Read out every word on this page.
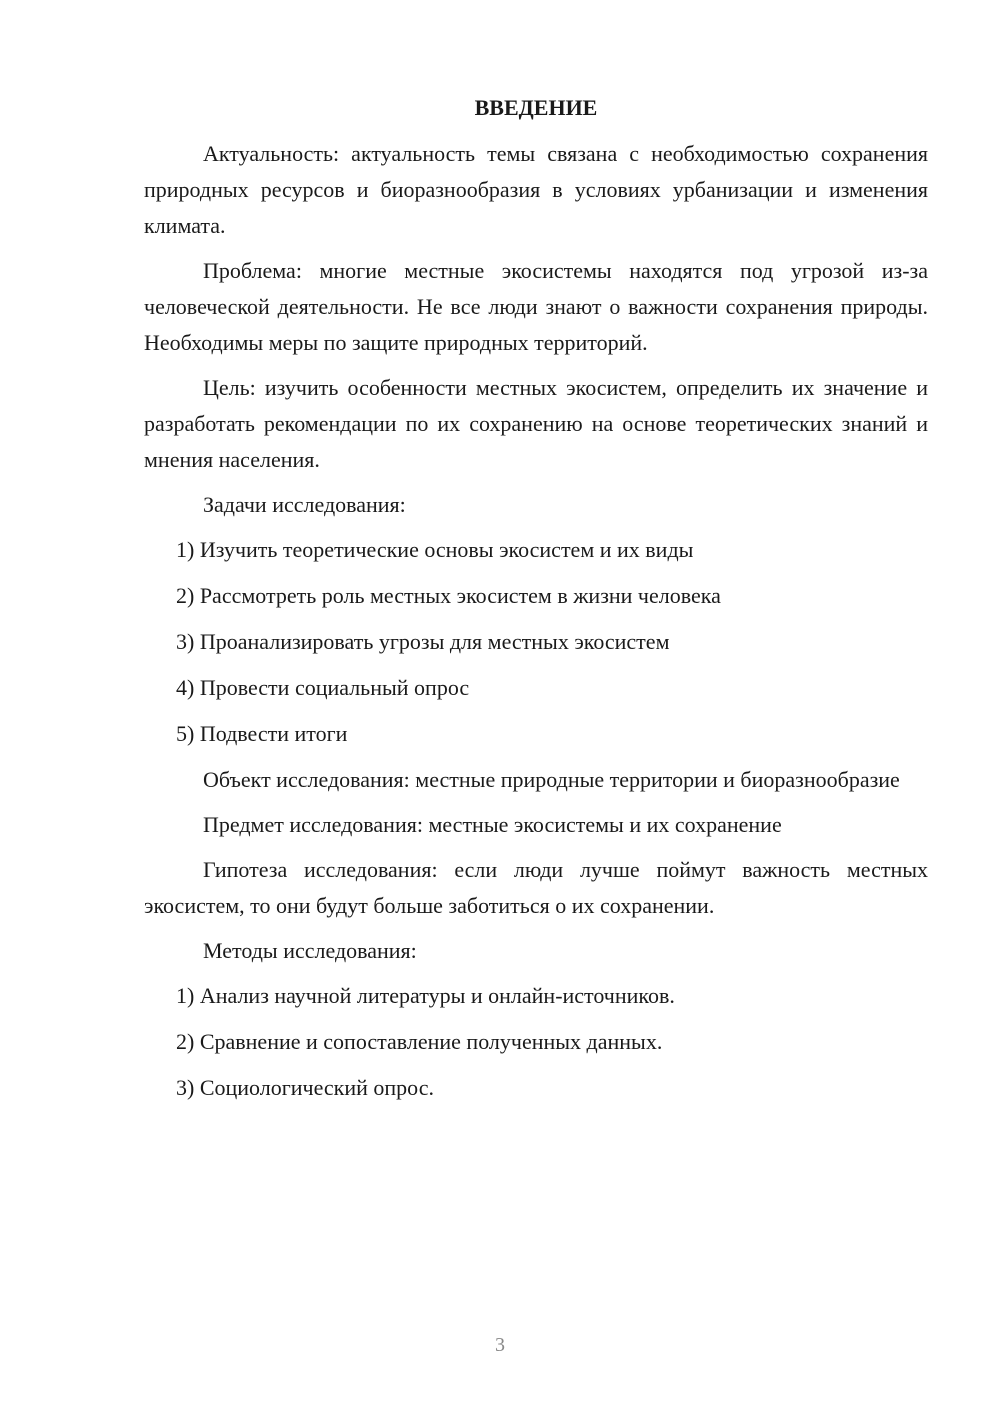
ВВЕДЕНИЕ

Актуальность: актуальность темы связана с необходимостью сохранения природных ресурсов и биоразнообразия в условиях урбанизации и изменения климата.

Проблема: многие местные экосистемы находятся под угрозой из-за человеческой деятельности. Не все люди знают о важности сохранения природы. Необходимы меры по защите природных территорий.

Цель: изучить особенности местных экосистем, определить их значение и разработать рекомендации по их сохранению на основе теоретических знаний и мнения населения.

Задачи исследования:

1) Изучить теоретические основы экосистем и их виды
2) Рассмотреть роль местных экосистем в жизни человека
3) Проанализировать угрозы для местных экосистем
4) Провести социальный опрос
5) Подвести итоги

Объект исследования: местные природные территории и биоразнообразие

Предмет исследования: местные экосистемы и их сохранение

Гипотеза исследования: если люди лучше поймут важность местных экосистем, то они будут больше заботиться о их сохранении.

Методы исследования:

1) Анализ научной литературы и онлайн-источников.
2) Сравнение и сопоставление полученных данных.
3) Социологический опрос.
3
